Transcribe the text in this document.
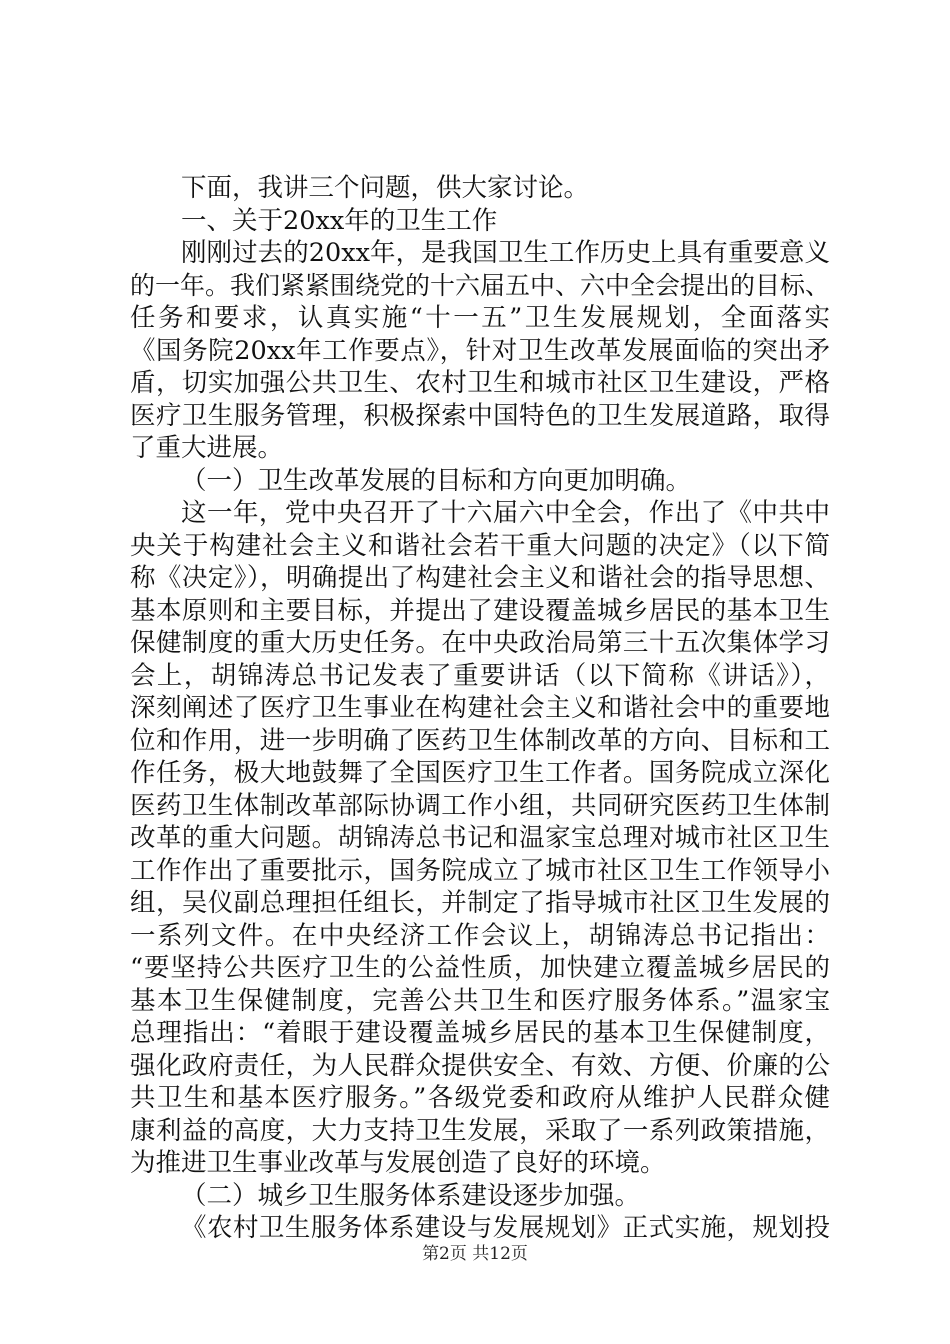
下面，我讲三个问题，供大家讨论。
一、关于20xx年的卫生工作
刚刚过去的20xx年，是我国卫生工作历史上具有重要意义
的一年。我们紧紧围绕党的十六届五中、六中全会提出的目标、
任务和要求，认真实施“十一五”卫生发展规划，全面落实
《国务院20xx年工作要点》，针对卫生改革发展面临的突出矛
盾，切实加强公共卫生、农村卫生和城市社区卫生建设，严格
医疗卫生服务管理，积极探索中国特色的卫生发展道路，取得
了重大进展。
（一）卫生改革发展的目标和方向更加明确。
这一年，党中央召开了十六届六中全会，作出了《中共中
央关于构建社会主义和谐社会若干重大问题的决定》（以下简
称《决定》），明确提出了构建社会主义和谐社会的指导思想、
基本原则和主要目标，并提出了建设覆盖城乡居民的基本卫生
保健制度的重大历史任务。在中央政治局第三十五次集体学习
会上，胡锦涛总书记发表了重要讲话（以下简称《讲话》），
深刻阐述了医疗卫生事业在构建社会主义和谐社会中的重要地
位和作用，进一步明确了医药卫生体制改革的方向、目标和工
作任务，极大地鼓舞了全国医疗卫生工作者。国务院成立深化
医药卫生体制改革部际协调工作小组，共同研究医药卫生体制
改革的重大问题。胡锦涛总书记和温家宝总理对城市社区卫生
工作作出了重要批示，国务院成立了城市社区卫生工作领导小
组，吴仪副总理担任组长，并制定了指导城市社区卫生发展的
一系列文件。在中央经济工作会议上，胡锦涛总书记指出：
“要坚持公共医疗卫生的公益性质，加快建立覆盖城乡居民的
基本卫生保健制度，完善公共卫生和医疗服务体系。”温家宝
总理指出：“着眼于建设覆盖城乡居民的基本卫生保健制度，
强化政府责任，为人民群众提供安全、有效、方便、价廉的公
共卫生和基本医疗服务。”各级党委和政府从维护人民群众健
康利益的高度，大力支持卫生发展，采取了一系列政策措施，
为推进卫生事业改革与发展创造了良好的环境。
（二）城乡卫生服务体系建设逐步加强。
《农村卫生服务体系建设与发展规划》正式实施，规划投
第2页 共12页
